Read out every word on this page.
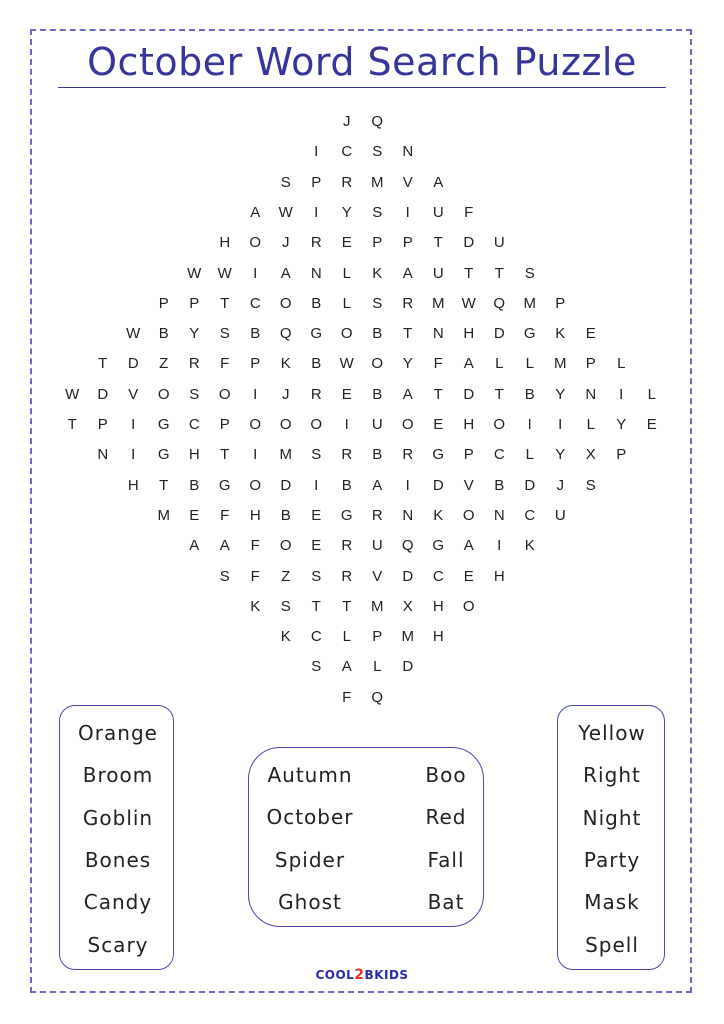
October Word Search Puzzle
J	Q
I	C	S	N
S	P	R	M	V	A
A	W	I	Y	S	I	U	F
H	O	J	R	E	P	P	T	D	U
W	W	I	A	N	L	K	A	U	T	T	S
P	P	T	C	O	B	L	S	R	M	W	Q	M	P
W	B	Y	S	B	Q	G	O	B	T	N	H	D	G	K	E
T	D	Z	R	F	P	K	B	W	O	Y	F	A	L	L	M	P	L
W	D	V	O	S	O	I	J	R	E	B	A	T	D	T	B	Y	N	I	L
T	P	I	G	C	P	O	O	O	I	U	O	E	H	O	I	I	L	Y	E
N	I	G	H	T	I	M	S	R	B	R	G	P	C	L	Y	X	P
H	T	B	G	O	D	I	B	A	I	D	V	B	D	J	S
M	E	F	H	B	E	G	R	N	K	O	N	C	U
A	A	F	O	E	R	U	Q	G	A	I	K
S	F	Z	S	R	V	D	C	E	H
K	S	T	T	M	X	H	O
K	C	L	P	M	H
S	A	L	D
F	Q
Orange
Broom
Goblin
Bones
Candy
Scary
Autumn
October
Spider
Ghost
Boo
Red
Fall
Bat
Yellow
Right
Night
Party
Mask
Spell
COOL2BKIDS
